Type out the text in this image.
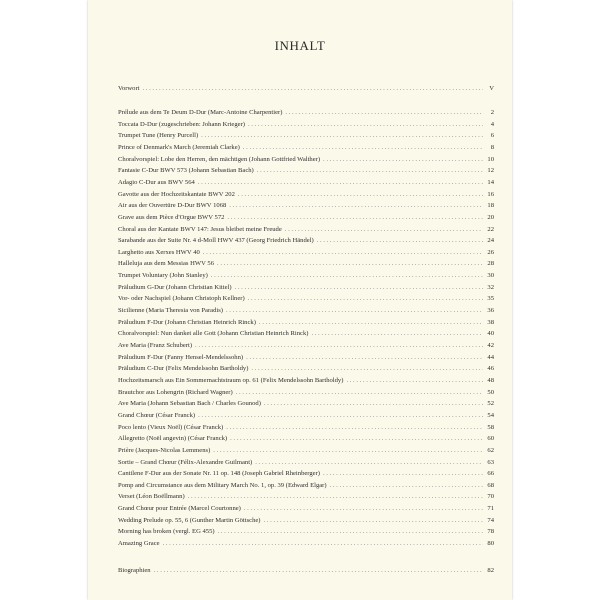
INHALT
Vorwort . . .	V
Prélude aus dem Te Deum D-Dur (Marc-Antoine Charpentier) . . .	2
Toccata D-Dur (zugeschrieben: Johann Krieger) . . .	4
Trumpet Tune (Henry Purcell) . . .	6
Prince of Denmark's March (Jeremiah Clarke) . . .	8
Choralvorspiel: Lobe den Herren, den mächtigen (Johann Gottfried Walther) . . .	10
Fantasie C-Dur BWV 573 (Johann Sebastian Bach) . . .	12
Adagio C-Dur aus BWV 564 . . .	14
Gavotte aus der Hochzeitskantate BWV 202 . . .	16
Air aus der Ouvertüre D-Dur BWV 1068 . . .	18
Grave aus dem Pièce d'Orgue BWV 572 . . .	20
Choral aus der Kantate BWV 147: Jesus bleibet meine Freude . . .	22
Sarabande aus der Suite Nr. 4 d-Moll HWV 437 (Georg Friedrich Händel) . . .	24
Larghetto aus Xerxes HWV 40 . . .	26
Halleluja aus dem Messias HWV 56 . . .	28
Trumpet Voluntary (John Stanley) . . .	30
Präludium G-Dur (Johann Christian Kittel) . . .	32
Vor- oder Nachspiel (Johann Christoph Kellner) . . .	35
Sicilienne (Maria Theresia von Paradis) . . .	36
Präludium F-Dur (Johann Christian Heinrich Rinck) . . .	38
Choralvorspiel: Nun danket alle Gott (Johann Christian Heinrich Rinck) . . .	40
Ave Maria (Franz Schubert) . . .	42
Präludium F-Dur (Fanny Hensel-Mendelssohn) . . .	44
Präludium C-Dur (Felix Mendelssohn Bartholdy) . . .	46
Hochzeitsmarsch aus Ein Sommernachtstraum op. 61 (Felix Mendelssohn Bartholdy) . . .	48
Brautchor aus Lohengrin (Richard Wagner) . . .	50
Ave Maria (Johann Sebastian Bach / Charles Gounod) . . .	52
Grand Chœur (César Franck) . . .	54
Poco lento (Vieux Noël) (César Franck) . . .	58
Allegretto (Noël angevin) (César Franck) . . .	60
Prière (Jacques-Nicolas Lemmens) . . .	62
Sortie – Grand Chœur (Félix-Alexandre Guilmant) . . .	63
Cantilene F-Dur aus der Sonate Nr. 11 op. 148 (Joseph Gabriel Rheinberger) . . .	66
Pomp and Circumstance aus dem Military March No. 1, op. 39 (Edward Elgar) . . .	68
Verset (Léon Boëllmann) . . .	70
Grand Chœur pour Entrée (Marcel Courtonne) . . .	71
Wedding Prelude op. 55, 6 (Gunther Martin Göttsche) . . .	74
Morning has broken (vergl. EG 455) . . .	78
Amazing Grace . . .	80
Biographien . . .	82
